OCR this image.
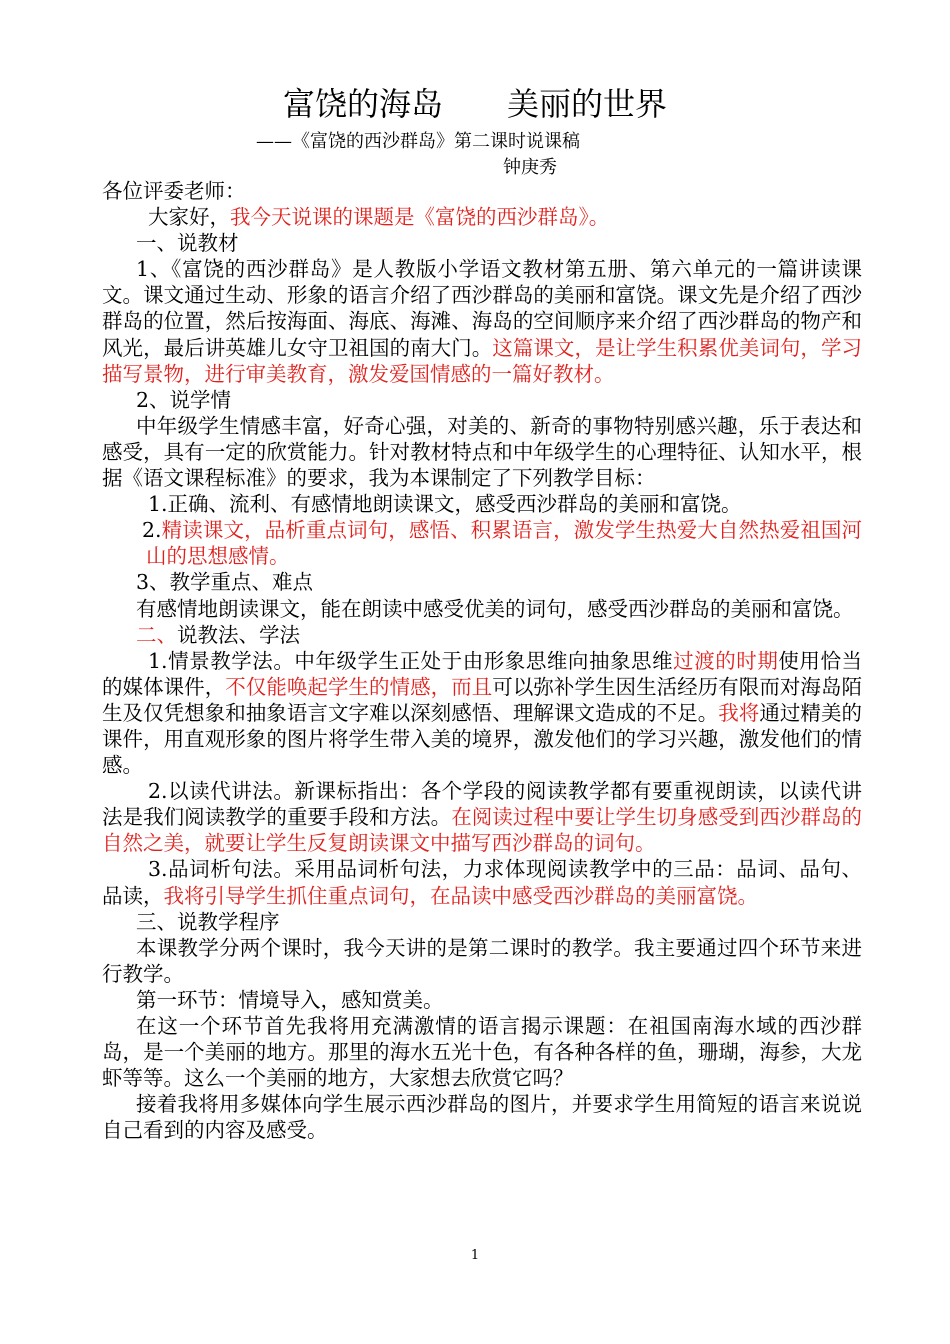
富饶的海岛　　美丽的世界
——《富饶的西沙群岛》第二课时说课稿
钟庚秀

各位评委老师：

大家好，我今天说课的课题是《富饶的西沙群岛》。

一、说教材

1、《富饶的西沙群岛》是人教版小学语文教材第五册、第六单元的一篇讲读课文。课文通过生动、形象的语言介绍了西沙群岛的美丽和富饶。课文先是介绍了西沙群岛的位置，然后按海面、海底、海滩、海岛的空间顺序来介绍了西沙群岛的物产和风光，最后讲英雄儿女守卫祖国的南大门。这篇课文，是让学生积累优美词句，学习描写景物，进行审美教育，激发爱国情感的一篇好教材。

2、说学情

中年级学生情感丰富，好奇心强，对美的、新奇的事物特别感兴趣，乐于表达和感受，具有一定的欣赏能力。针对教材特点和中年级学生的心理特征、认知水平，根据《语文课程标准》的要求，我为本课制定了下列教学目标：

1.正确、流利、有感情地朗读课文，感受西沙群岛的美丽和富饶。

2.精读课文，品析重点词句，感悟、积累语言，激发学生热爱大自然热爱祖国河山的思想感情。

3、教学重点、难点

有感情地朗读课文，能在朗读中感受优美的词句，感受西沙群岛的美丽和富饶。

二、说教法、学法

1.情景教学法。中年级学生正处于由形象思维向抽象思维过渡的时期使用恰当的媒体课件，不仅能唤起学生的情感，而且可以弥补学生因生活经历有限而对海岛陌生及仅凭想象和抽象语言文字难以深刻感悟、理解课文造成的不足。我将通过精美的课件，用直观形象的图片将学生带入美的境界，激发他们的学习兴趣，激发他们的情感。

2.以读代讲法。新课标指出：各个学段的阅读教学都有要重视朗读，以读代讲法是我们阅读教学的重要手段和方法。在阅读过程中要让学生切身感受到西沙群岛的自然之美，就要让学生反复朗读课文中描写西沙群岛的词句。

3.品词析句法。采用品词析句法，力求体现阅读教学中的三品：品词、品句、品读，我将引导学生抓住重点词句，在品读中感受西沙群岛的美丽富饶。

三、说教学程序

本课教学分两个课时，我今天讲的是第二课时的教学。我主要通过四个环节来进行教学。

第一环节：情境导入，感知赏美。

在这一个环节首先我将用充满激情的语言揭示课题：在祖国南海水域的西沙群岛，是一个美丽的地方。那里的海水五光十色，有各种各样的鱼，珊瑚，海参，大龙虾等等。这么一个美丽的地方，大家想去欣赏它吗？

接着我将用多媒体向学生展示西沙群岛的图片，并要求学生用简短的语言来说说自己看到的内容及感受。

1
